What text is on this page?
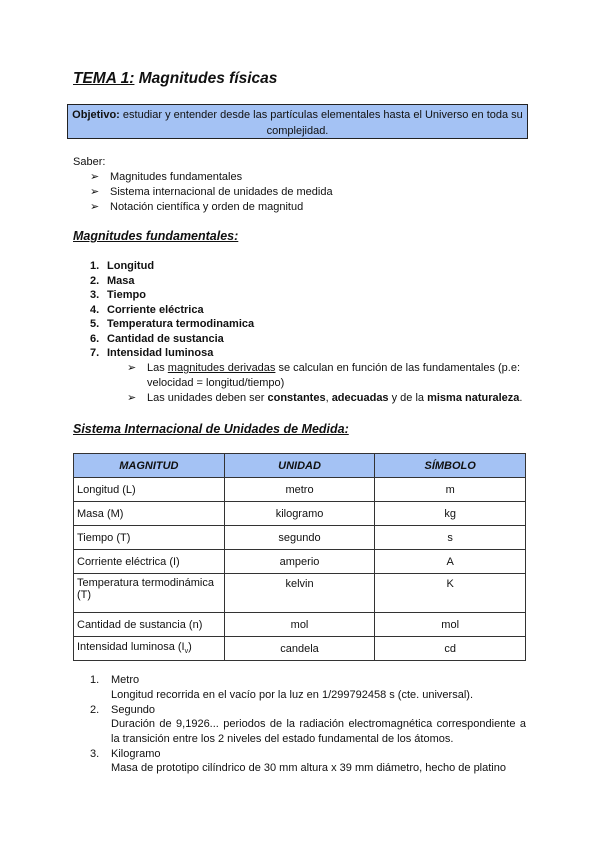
TEMA 1: Magnitudes físicas
Objetivo: estudiar y entender desde las partículas elementales hasta el Universo en toda su complejidad.
Saber:
➢ Magnitudes fundamentales
➢ Sistema internacional de unidades de medida
➢ Notación científica y orden de magnitud
Magnitudes fundamentales:
1. Longitud
2. Masa
3. Tiempo
4. Corriente eléctrica
5. Temperatura termodinamica
6. Cantidad de sustancia
7. Intensidad luminosa
➢ Las magnitudes derivadas se calculan en función de las fundamentales (p.e:
velocidad = longitud/tiempo)
➢ Las unidades deben ser constantes, adecuadas y de la misma naturaleza.
Sistema Internacional de Unidades de Medida:
MAGNITUD	UNIDAD	SÍMBOLO
Longitud (L)	metro	m
Masa (M)	kilogramo	kg
Tiempo (T)	segundo	s
Corriente eléctrica (I)	amperio	A
Temperatura termodinámica (T)	kelvin	K
Cantidad de sustancia (n)	mol	mol
Intensidad luminosa $(I_v)$	candela	cd
1. Metro
Longitud recorrida en el vacío por la luz en 1/299792458 s (cte. universal).
2. Segundo
Duración de 9,1926... periodos de la radiación electromagnética correspondiente a
la transición entre los 2 niveles del estado fundamental de los átomos.
3. Kilogramo
Masa de prototipo cilíndrico de 30 mm altura x 39 mm diámetro, hecho de platino
